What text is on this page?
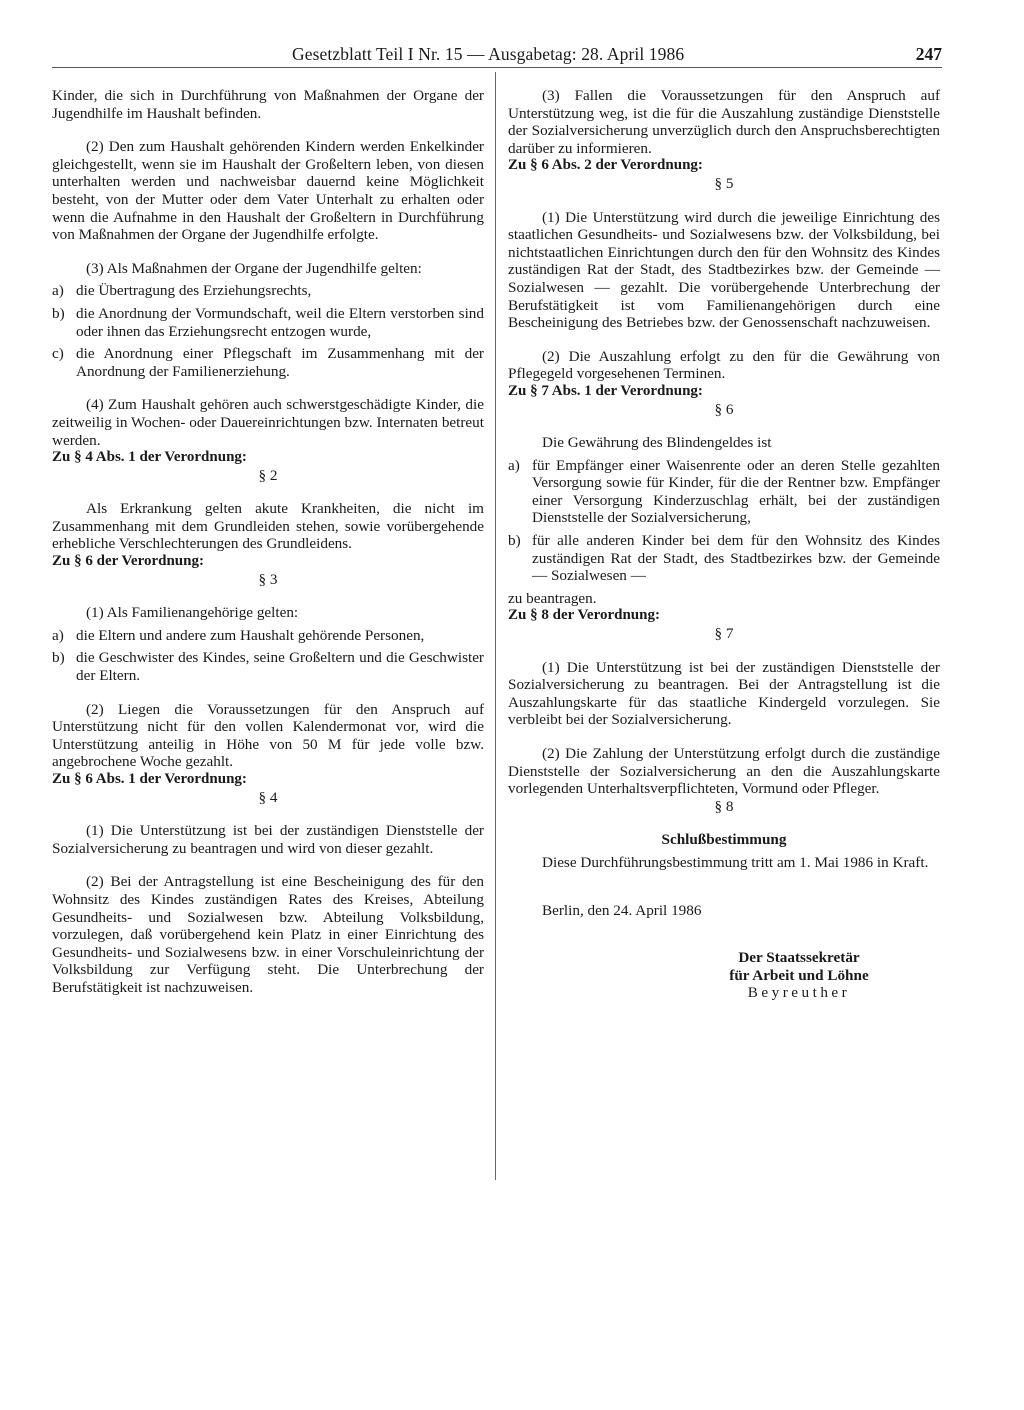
Gesetzblatt Teil I Nr. 15 — Ausgabetag: 28. April 1986	247

Kinder, die sich in Durchführung von Maßnahmen der Organe der Jugendhilfe im Haushalt befinden.

(2) Den zum Haushalt gehörenden Kindern werden Enkelkinder gleichgestellt, wenn sie im Haushalt der Großeltern leben, von diesen unterhalten werden und nachweisbar dauernd keine Möglichkeit besteht, von der Mutter oder dem Vater Unterhalt zu erhalten oder wenn die Aufnahme in den Haushalt der Großeltern in Durchführung von Maßnahmen der Organe der Jugendhilfe erfolgte.

(3) Als Maßnahmen der Organe der Jugendhilfe gelten:

a) die Übertragung des Erziehungsrechts,
b) die Anordnung der Vormundschaft, weil die Eltern verstorben sind oder ihnen das Erziehungsrecht entzogen wurde,
c) die Anordnung einer Pflegschaft im Zusammenhang mit der Anordnung der Familienerziehung.

(4) Zum Haushalt gehören auch schwerstgeschädigte Kinder, die zeitweilig in Wochen- oder Dauereinrichtungen bzw. Internaten betreut werden.

Zu § 4 Abs. 1 der Verordnung:

§ 2

Als Erkrankung gelten akute Krankheiten, die nicht im Zusammenhang mit dem Grundleiden stehen, sowie vorübergehende erhebliche Verschlechterungen des Grundleidens.

Zu § 6 der Verordnung:

§ 3

(1) Als Familienangehörige gelten:

a) die Eltern und andere zum Haushalt gehörende Personen,
b) die Geschwister des Kindes, seine Großeltern und die Geschwister der Eltern.

(2) Liegen die Voraussetzungen für den Anspruch auf Unterstützung nicht für den vollen Kalendermonat vor, wird die Unterstützung anteilig in Höhe von 50 M für jede volle bzw. angebrochene Woche gezahlt.

Zu § 6 Abs. 1 der Verordnung:

§ 4

(1) Die Unterstützung ist bei der zuständigen Dienststelle der Sozialversicherung zu beantragen und wird von dieser gezahlt.

(2) Bei der Antragstellung ist eine Bescheinigung des für den Wohnsitz des Kindes zuständigen Rates des Kreises, Abteilung Gesundheits- und Sozialwesen bzw. Abteilung Volksbildung, vorzulegen, daß vorübergehend kein Platz in einer Einrichtung des Gesundheits- und Sozialwesens bzw. in einer Vorschuleinrichtung der Volksbildung zur Verfügung steht. Die Unterbrechung der Berufstätigkeit ist nachzuweisen.

(3) Fallen die Voraussetzungen für den Anspruch auf Unterstützung weg, ist die für die Auszahlung zuständige Dienststelle der Sozialversicherung unverzüglich durch den Anspruchsberechtigten darüber zu informieren.

Zu § 6 Abs. 2 der Verordnung:

§ 5

(1) Die Unterstützung wird durch die jeweilige Einrichtung des staatlichen Gesundheits- und Sozialwesens bzw. der Volksbildung, bei nichtstaatlichen Einrichtungen durch den für den Wohnsitz des Kindes zuständigen Rat der Stadt, des Stadtbezirkes bzw. der Gemeinde — Sozialwesen — gezahlt. Die vorübergehende Unterbrechung der Berufstätigkeit ist vom Familienangehörigen durch eine Bescheinigung des Betriebes bzw. der Genossenschaft nachzuweisen.

(2) Die Auszahlung erfolgt zu den für die Gewährung von Pflegegeld vorgesehenen Terminen.

Zu § 7 Abs. 1 der Verordnung:

§ 6

Die Gewährung des Blindengeldes ist

a) für Empfänger einer Waisenrente oder an deren Stelle gezahlten Versorgung sowie für Kinder, für die der Rentner bzw. Empfänger einer Versorgung Kinderzuschlag erhält, bei der zuständigen Dienststelle der Sozialversicherung,
b) für alle anderen Kinder bei dem für den Wohnsitz des Kindes zuständigen Rat der Stadt, des Stadtbezirkes bzw. der Gemeinde — Sozialwesen —

zu beantragen.

Zu § 8 der Verordnung:

§ 7

(1) Die Unterstützung ist bei der zuständigen Dienststelle der Sozialversicherung zu beantragen. Bei der Antragstellung ist die Auszahlungskarte für das staatliche Kindergeld vorzulegen. Sie verbleibt bei der Sozialversicherung.

(2) Die Zahlung der Unterstützung erfolgt durch die zuständige Dienststelle der Sozialversicherung an den die Auszahlungskarte vorlegenden Unterhaltsverpflichteten, Vormund oder Pfleger.

§ 8

Schlußbestimmung

Diese Durchführungsbestimmung tritt am 1. Mai 1986 in Kraft.

Berlin, den 24. April 1986

Der Staatssekretär

für Arbeit und Löhne

Beyreuther
